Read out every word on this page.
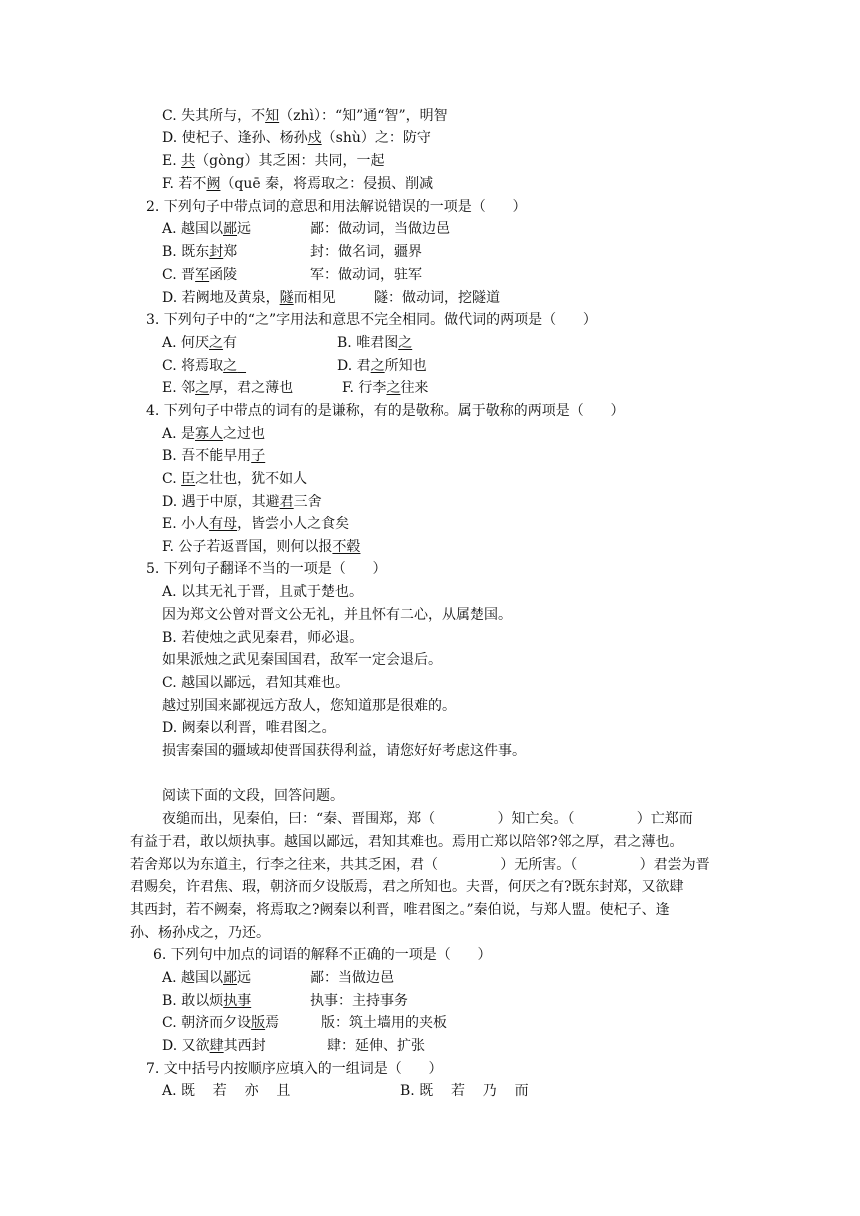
C. 失其所与，不知（zhì）：“知”通“智”，明智
D. 使杞子、逢孙、杨孙戍（shù）之：防守
E. 共（gòng）其乏困：共同，一起
F. 若不阙（quē 秦，将焉取之：侵损、削减
2. 下列句子中带点词的意思和用法解说错误的一项是（      ）
A. 越国以鄙远	鄙：做动词，当做边邑
B. 既东封郑	封：做名词，疆界
C. 晋军函陵	军：做动词，驻军
D. 若阙地及黄泉，隧而相见	隧：做动词，挖隧道
3. 下列句子中的“之”字用法和意思不完全相同。做代词的两项是（      ）
A. 何厌之有	B. 唯君图之
C. 将焉取之	D. 君之所知也
E. 邻之厚，君之薄也	F. 行李之往来
4. 下列句子中带点的词有的是谦称，有的是敬称。属于敬称的两项是（      ）
A. 是寡人之过也
B. 吾不能早用子
C. 臣之壮也，犹不如人
D. 遇于中原，其避君三舍
E. 小人有母，皆尝小人之食矣
F. 公子若返晋国，则何以报不毂
5. 下列句子翻译不当的一项是（      ）
A. 以其无礼于晋，且贰于楚也。
因为郑文公曾对晋文公无礼，并且怀有二心，从属楚国。
B. 若使烛之武见秦君，师必退。
如果派烛之武见秦国国君，敌军一定会退后。
C. 越国以鄙远，君知其难也。
越过别国来鄙视远方敌人，您知道那是很难的。
D. 阙秦以利晋，唯君图之。
损害秦国的疆域却使晋国获得利益，请您好好考虑这件事。
阅读下面的文段，回答问题。
夜缒而出，见秦伯，曰：“秦、晋围郑，郑（              ）知亡矣。（              ）亡郑而
有益于君，敢以烦执事。越国以鄙远，君知其难也。焉用亡郑以陪邻?邻之厚，君之薄也。
若舍郑以为东道主，行李之往来，共其乏困，君（              ）无所害。（              ）君尝为晋
君赐矣，许君焦、瑕，朝济而夕设版焉，君之所知也。夫晋，何厌之有?既东封郑，又欲肆
其西封，若不阙秦，将焉取之?阙秦以利晋，唯君图之。”秦伯说，与郑人盟。使杞子、逢
孙、杨孙戍之，乃还。
6. 下列句中加点的词语的解释不正确的一项是（      ）
A. 越国以鄙远	鄙：当做边邑
B. 敢以烦执事	执事：主持事务
C. 朝济而夕设版焉	版：筑土墙用的夹板
D. 又欲肆其西封	肆：延伸、扩张
7. 文中括号内按顺序应填入的一组词是（      ）
A. 既    若    亦    且	B. 既    若    乃    而
